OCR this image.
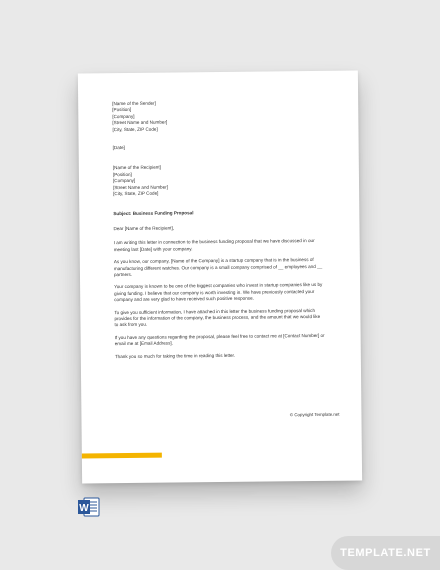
[Name of the Sender]
[Position]
[Company]
[Street Name and Number]
[City, State, ZIP Code]
[Date]
[Name of the Recipient]
[Position]
[Company]
[Street Name and Number]
[City, State, ZIP Code]
Subject: Business Funding Proposal

Dear [Name of the Recipient],

I am writing this letter in connection to the business funding proposal that we have discussed in our meeting last [Date] with your company.

As you know, our company, [Name of the Company] is a startup company that is in the business of manufacturing different watches. Our company is a small company comprised of __ employees and __ partners.

Your company is known to be one of the biggest companies who invest in startup companies like us by giving funding. I believe that our company is worth investing in. We have previously contacted your company and are very glad to have received such positive response.

To give you sufficient information, I have attached in this letter the business funding proposal which provides for the information of the company, the business process, and the amount that we would like to ask from you.

If you have any questions regarding the proposal, please feel free to contact me at [Contact Number] or email me at [Email Address].

Thank you so much for taking the time in reading this letter.

© Copyright Template.net
W
TEMPLATE.NET
